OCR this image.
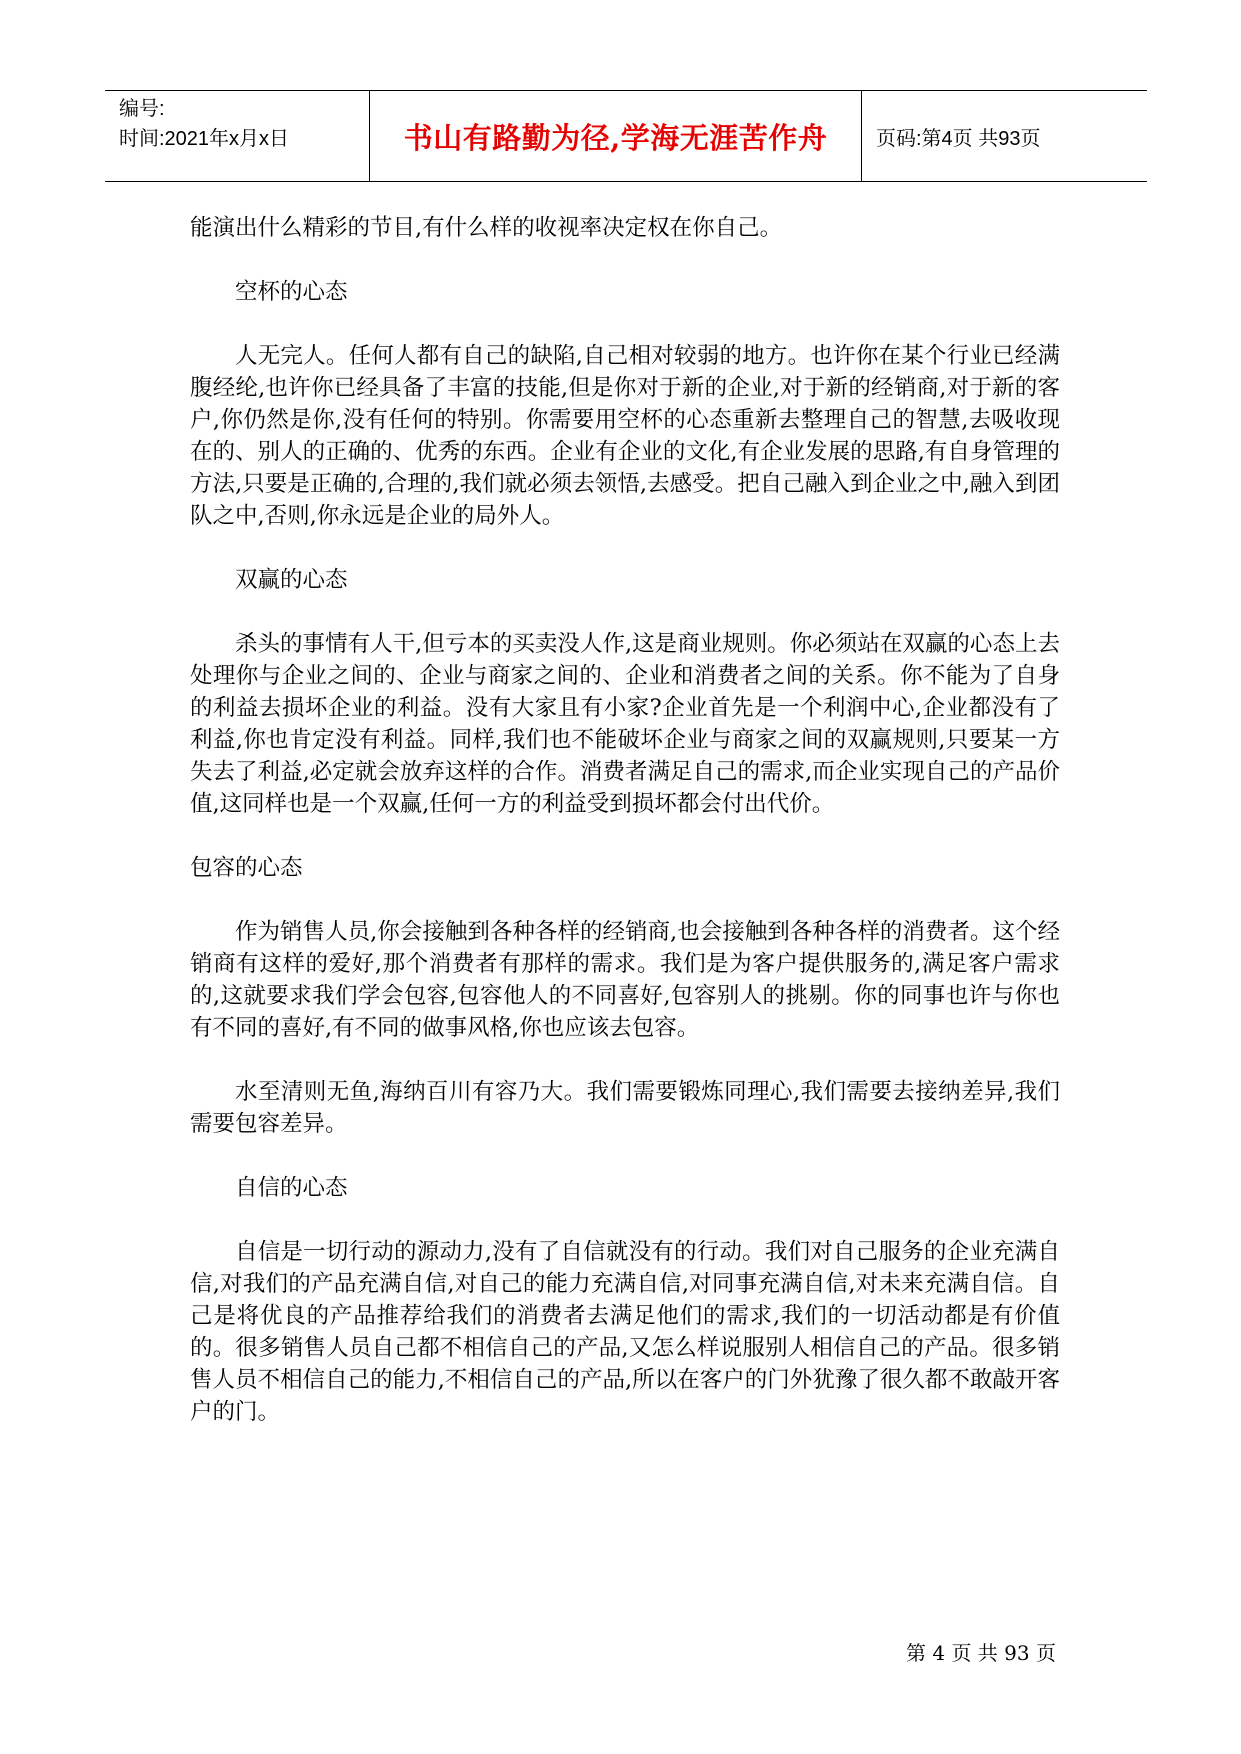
编号:
时间:2021年x月x日	书山有路勤为径,学海无涯苦作舟	页码:第4页 共93页

能演出什么精彩的节目,有什么样的收视率决定权在你自己。

空杯的心态

人无完人。任何人都有自己的缺陷,自己相对较弱的地方。也许你在某个行业已经满腹经纶,也许你已经具备了丰富的技能,但是你对于新的企业,对于新的经销商,对于新的客户,你仍然是你,没有任何的特别。你需要用空杯的心态重新去整理自己的智慧,去吸收现在的、别人的正确的、优秀的东西。企业有企业的文化,有企业发展的思路,有自身管理的方法,只要是正确的,合理的,我们就必须去领悟,去感受。把自己融入到企业之中,融入到团队之中,否则,你永远是企业的局外人。

双赢的心态

杀头的事情有人干,但亏本的买卖没人作,这是商业规则。你必须站在双赢的心态上去处理你与企业之间的、企业与商家之间的、企业和消费者之间的关系。你不能为了自身的利益去损坏企业的利益。没有大家且有小家?企业首先是一个利润中心,企业都没有了利益,你也肯定没有利益。同样,我们也不能破坏企业与商家之间的双赢规则,只要某一方失去了利益,必定就会放弃这样的合作。消费者满足自己的需求,而企业实现自己的产品价值,这同样也是一个双赢,任何一方的利益受到损坏都会付出代价。

包容的心态

作为销售人员,你会接触到各种各样的经销商,也会接触到各种各样的消费者。这个经销商有这样的爱好,那个消费者有那样的需求。我们是为客户提供服务的,满足客户需求的,这就要求我们学会包容,包容他人的不同喜好,包容别人的挑剔。你的同事也许与你也有不同的喜好,有不同的做事风格,你也应该去包容。

水至清则无鱼,海纳百川有容乃大。我们需要锻炼同理心,我们需要去接纳差异,我们需要包容差异。

自信的心态

自信是一切行动的源动力,没有了自信就没有的行动。我们对自己服务的企业充满自信,对我们的产品充满自信,对自己的能力充满自信,对同事充满自信,对未来充满自信。自己是将优良的产品推荐给我们的消费者去满足他们的需求,我们的一切活动都是有价值的。很多销售人员自己都不相信自己的产品,又怎么样说服别人相信自己的产品。很多销售人员不相信自己的能力,不相信自己的产品,所以在客户的门外犹豫了很久都不敢敲开客户的门。

第 4 页 共 93 页
